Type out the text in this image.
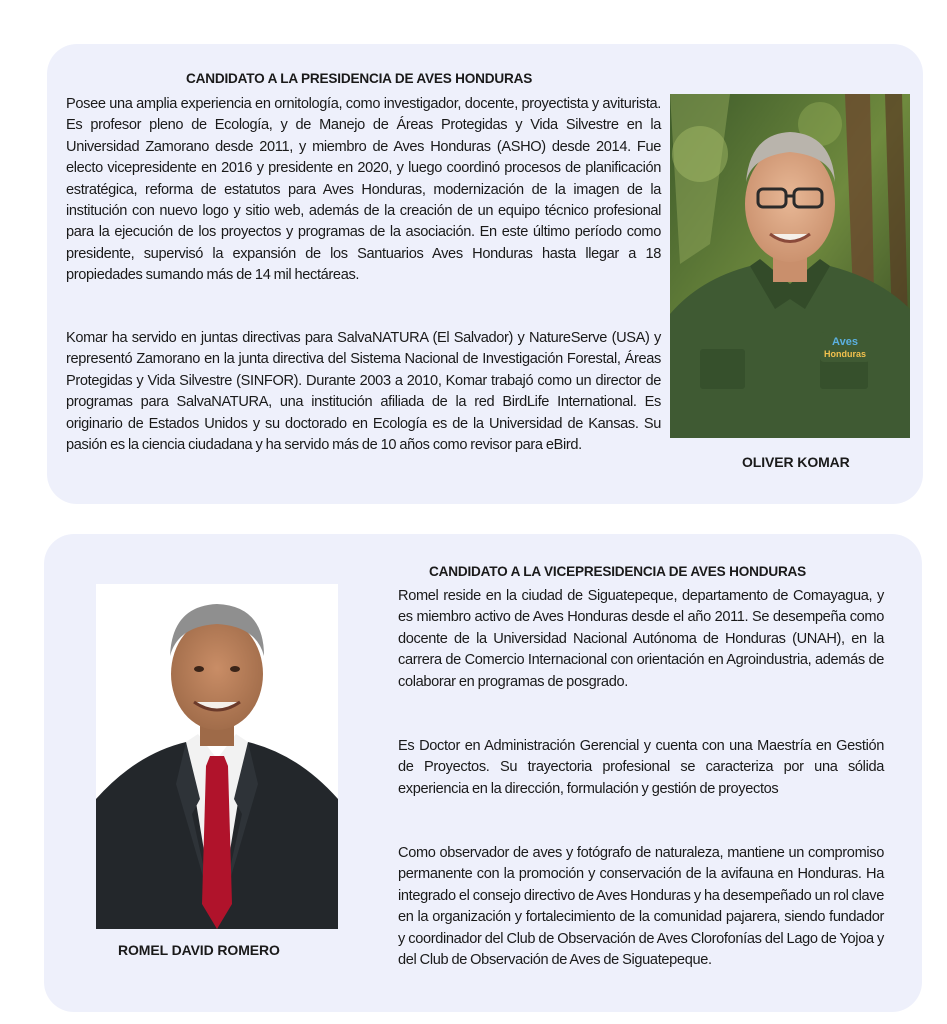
CANDIDATO A LA PRESIDENCIA DE AVES HONDURAS

Posee una amplia experiencia en ornitología, como investigador, docente, proyectista y aviturista. Es profesor pleno de Ecología, y de Manejo de Áreas Protegidas y Vida Silvestre en la Universidad Zamorano desde 2011, y miembro de Aves Honduras (ASHO) desde 2014. Fue electo vicepresidente en 2016 y presidente en 2020, y luego coordinó procesos de planificación estratégica, reforma de estatutos para Aves Honduras, modernización de la imagen de la institución con nuevo logo y sitio web, además de la creación de un equipo técnico profesional para la ejecución de los proyectos y programas de la asociación. En este último período como presidente, supervisó la expansión de los Santuarios Aves Honduras hasta llegar a 18 propiedades sumando más de 14 mil hectáreas.

Komar ha servido en juntas directivas para SalvaNATURA (El Salvador) y NatureServe (USA) y representó Zamorano en la junta directiva del Sistema Nacional de Investigación Forestal, Áreas Protegidas y Vida Silvestre (SINFOR). Durante 2003 a 2010, Komar trabajó como un director de programas para SalvaNATURA, una institución afiliada de la red BirdLife International. Es originario de Estados Unidos y su doctorado en Ecología es de la Universidad de Kansas. Su pasión es la ciencia ciudadana y ha servido más de 10 años como revisor para eBird.

Aves
Honduras
OLIVER KOMAR
ROMEL DAVID ROMERO
CANDIDATO A LA VICEPRESIDENCIA DE AVES HONDURAS

Romel reside en la ciudad de Siguatepeque, departamento de Comayagua, y es miembro activo de Aves Honduras desde el año 2011. Se desempeña como docente de la Universidad Nacional Autónoma de Honduras (UNAH), en la carrera de Comercio Internacional con orientación en Agroindustria, además de colaborar en programas de posgrado.

Es Doctor en Administración Gerencial y cuenta con una Maestría en Gestión de Proyectos. Su trayectoria profesional se caracteriza por una sólida experiencia en la dirección, formulación y gestión de proyectos

Como observador de aves y fotógrafo de naturaleza, mantiene un compromiso permanente con la promoción y conservación de la avifauna en Honduras. Ha integrado el consejo directivo de Aves Honduras y ha desempeñado un rol clave en la organización y fortalecimiento de la comunidad pajarera, siendo fundador y coordinador del Club de Observación de Aves Clorofonías del Lago de Yojoa y del Club de Observación de Aves de Siguatepeque.
